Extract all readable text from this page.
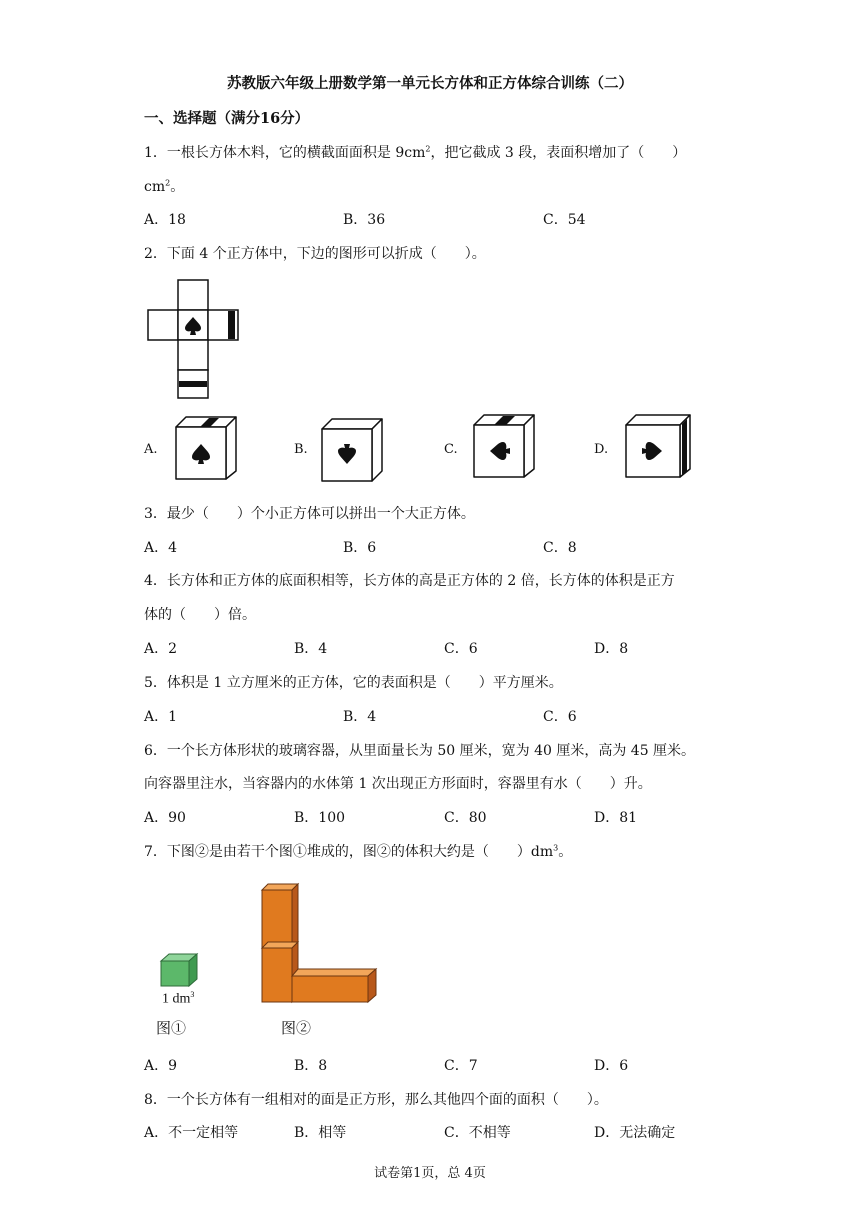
苏教版六年级上册数学第一单元长方体和正方体综合训练（二）
一、选择题（满分16分）
1．一根长方体木料，它的横截面面积是 $9cm^2$，把它截成 3 段，表面积增加了（　　）
$cm^2$。
A．18	B．36	C．54
2．下面 4 个正方体中，下边的图形可以折成（　　）。
A.	B.	C.	D.
3．最少（　　）个小正方体可以拼出一个大正方体。
A．4	B．6	C．8
4．长方体和正方体的底面积相等，长方体的高是正方体的 2 倍，长方体的体积是正方
体的（　　）倍。
A．2	B．4	C．6	D．8
5．体积是 1 立方厘米的正方体，它的表面积是（　　）平方厘米。
A．1	B．4	C．6
6．一个长方体形状的玻璃容器，从里面量长为 50 厘米，宽为 40 厘米，高为 45 厘米。
向容器里注水，当容器内的水体第 1 次出现正方形面时，容器里有水（　　）升。
A．90	B．100	C．80	D．81
7．下图②是由若干个图①堆成的，图②的体积大约是（　　）$dm^3$。
1 $dm^3$
图①	图②
A．9	B．8	C．7	D．6
8．一个长方体有一组相对的面是正方形，那么其他四个面的面积（　　）。
A．不一定相等	B．相等	C．不相等	D．无法确定
试卷第1页，总 4页
